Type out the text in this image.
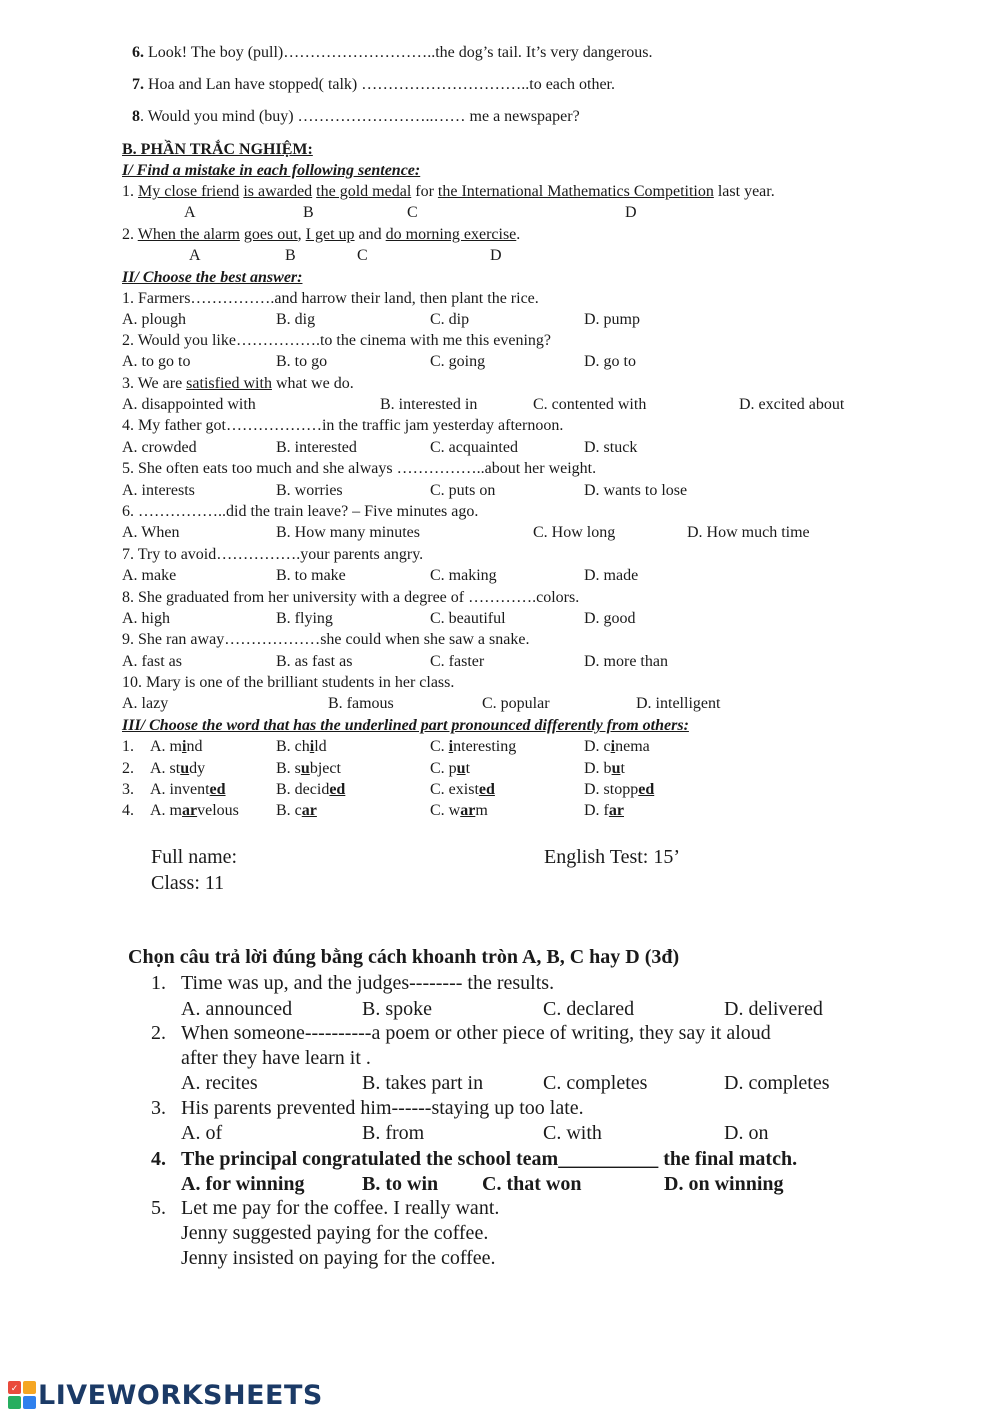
6. Look! The boy (pull)………………………..the dog’s tail. It’s very dangerous.
7. Hoa and Lan have stopped( talk) …………………………..to each other.
8. Would you mind (buy) ……………………..…… me a newspaper?
B. PHẦN TRẮC NGHIỆM:
I/ Find a mistake in each following sentence:
1. My close friend is awarded the gold medal for the International Mathematics Competition last year.
A	B	C	D
2. When the alarm goes out, I get up and do morning exercise.
A	B	C	D
II/ Choose the best answer:
1. Farmers…………….and harrow their land, then plant the rice.
A. plough	B. dig	C. dip	D. pump
2. Would you like…………….to the cinema with me this evening?
A. to go to	B. to go	C. going	D. go to
3. We are satisfied with what we do.
A. disappointed with	B. interested in	C. contented with	D. excited about
4. My father got………………in the traffic jam yesterday afternoon.
A. crowded	B. interested	C. acquainted	D. stuck
5. She often eats too much and she always ……………..about her weight.
A. interests	B. worries	C. puts on	D. wants to lose
6. ……………..did the train leave? – Five minutes ago.
A. When	B. How many minutes	C. How long	D. How much time
7. Try to avoid…………….your parents angry.
A. make	B. to make	C. making	D. made
8. She graduated from her university with a degree of ………….colors.
A. high	B. flying	C. beautiful	D. good
9. She ran away………………she could when she saw a snake.
A. fast as	B. as fast as	C. faster	D. more than
10. Mary is one of the brilliant students in her class.
A. lazy	B. famous	C. popular	D. intelligent
III/ Choose the word that has the underlined part pronounced differently from others:
1. A. mind	B. child	C. interesting	D. cinema
2. A. study	B. subject	C. put	D. but
3. A. invented	B. decided	C. existed	D. stopped
4. A. marvelous B. car	C. warm	D. far
Full name:	English Test: 15’
Class: 11
Chọn câu trả lời đúng bằng cách khoanh tròn A, B, C hay D (3đ)
1. Time was up, and the judges-------- the results.
A. announced	B. spoke	C. declared	D. delivered
2. When someone----------a poem or other piece of writing, they say it aloud
after they have learn it .
A. recites	B. takes part in	C. completes	D. completes
3. His parents prevented him------staying up too late.
A. of	B. from	C. with	D. on
4. The principal congratulated the school team__________ the final match.
A. for winning	B. to win C. that won	D. on winning
5. Let me pay for the coffee. I really want.
Jenny suggested paying for the coffee.
Jenny insisted on paying for the coffee.
✓ LIVEWORKSHEETS
